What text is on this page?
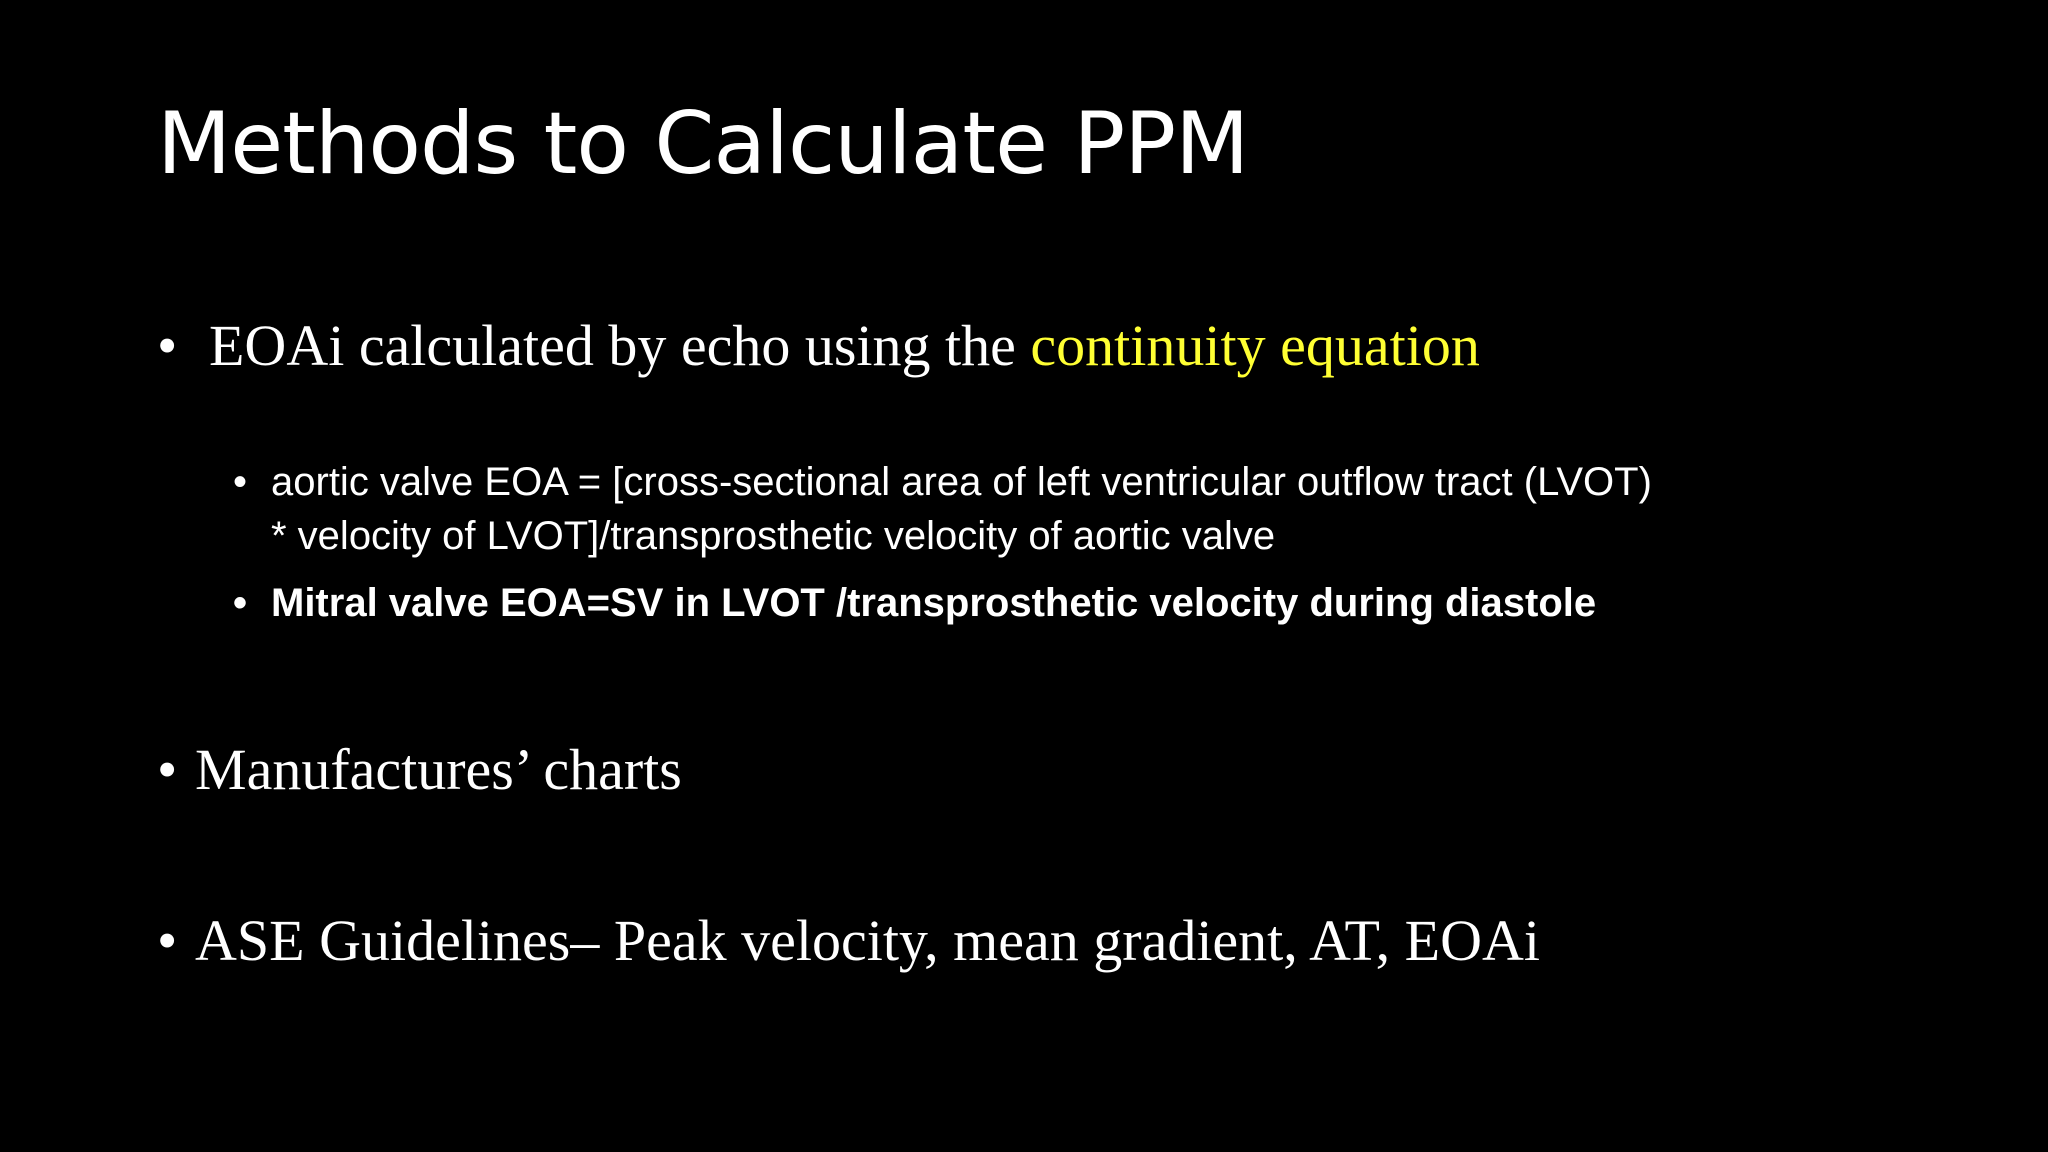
Methods to Calculate PPM
• EOAi calculated by echo using the continuity equation
• aortic valve EOA = [cross-sectional area of left ventricular outflow tract (LVOT)
* velocity of LVOT]/transprosthetic velocity of aortic valve
• Mitral valve EOA=SV in LVOT /transprosthetic velocity during diastole
• Manufactures’ charts
• ASE Guidelines– Peak velocity, mean gradient, AT, EOAi
